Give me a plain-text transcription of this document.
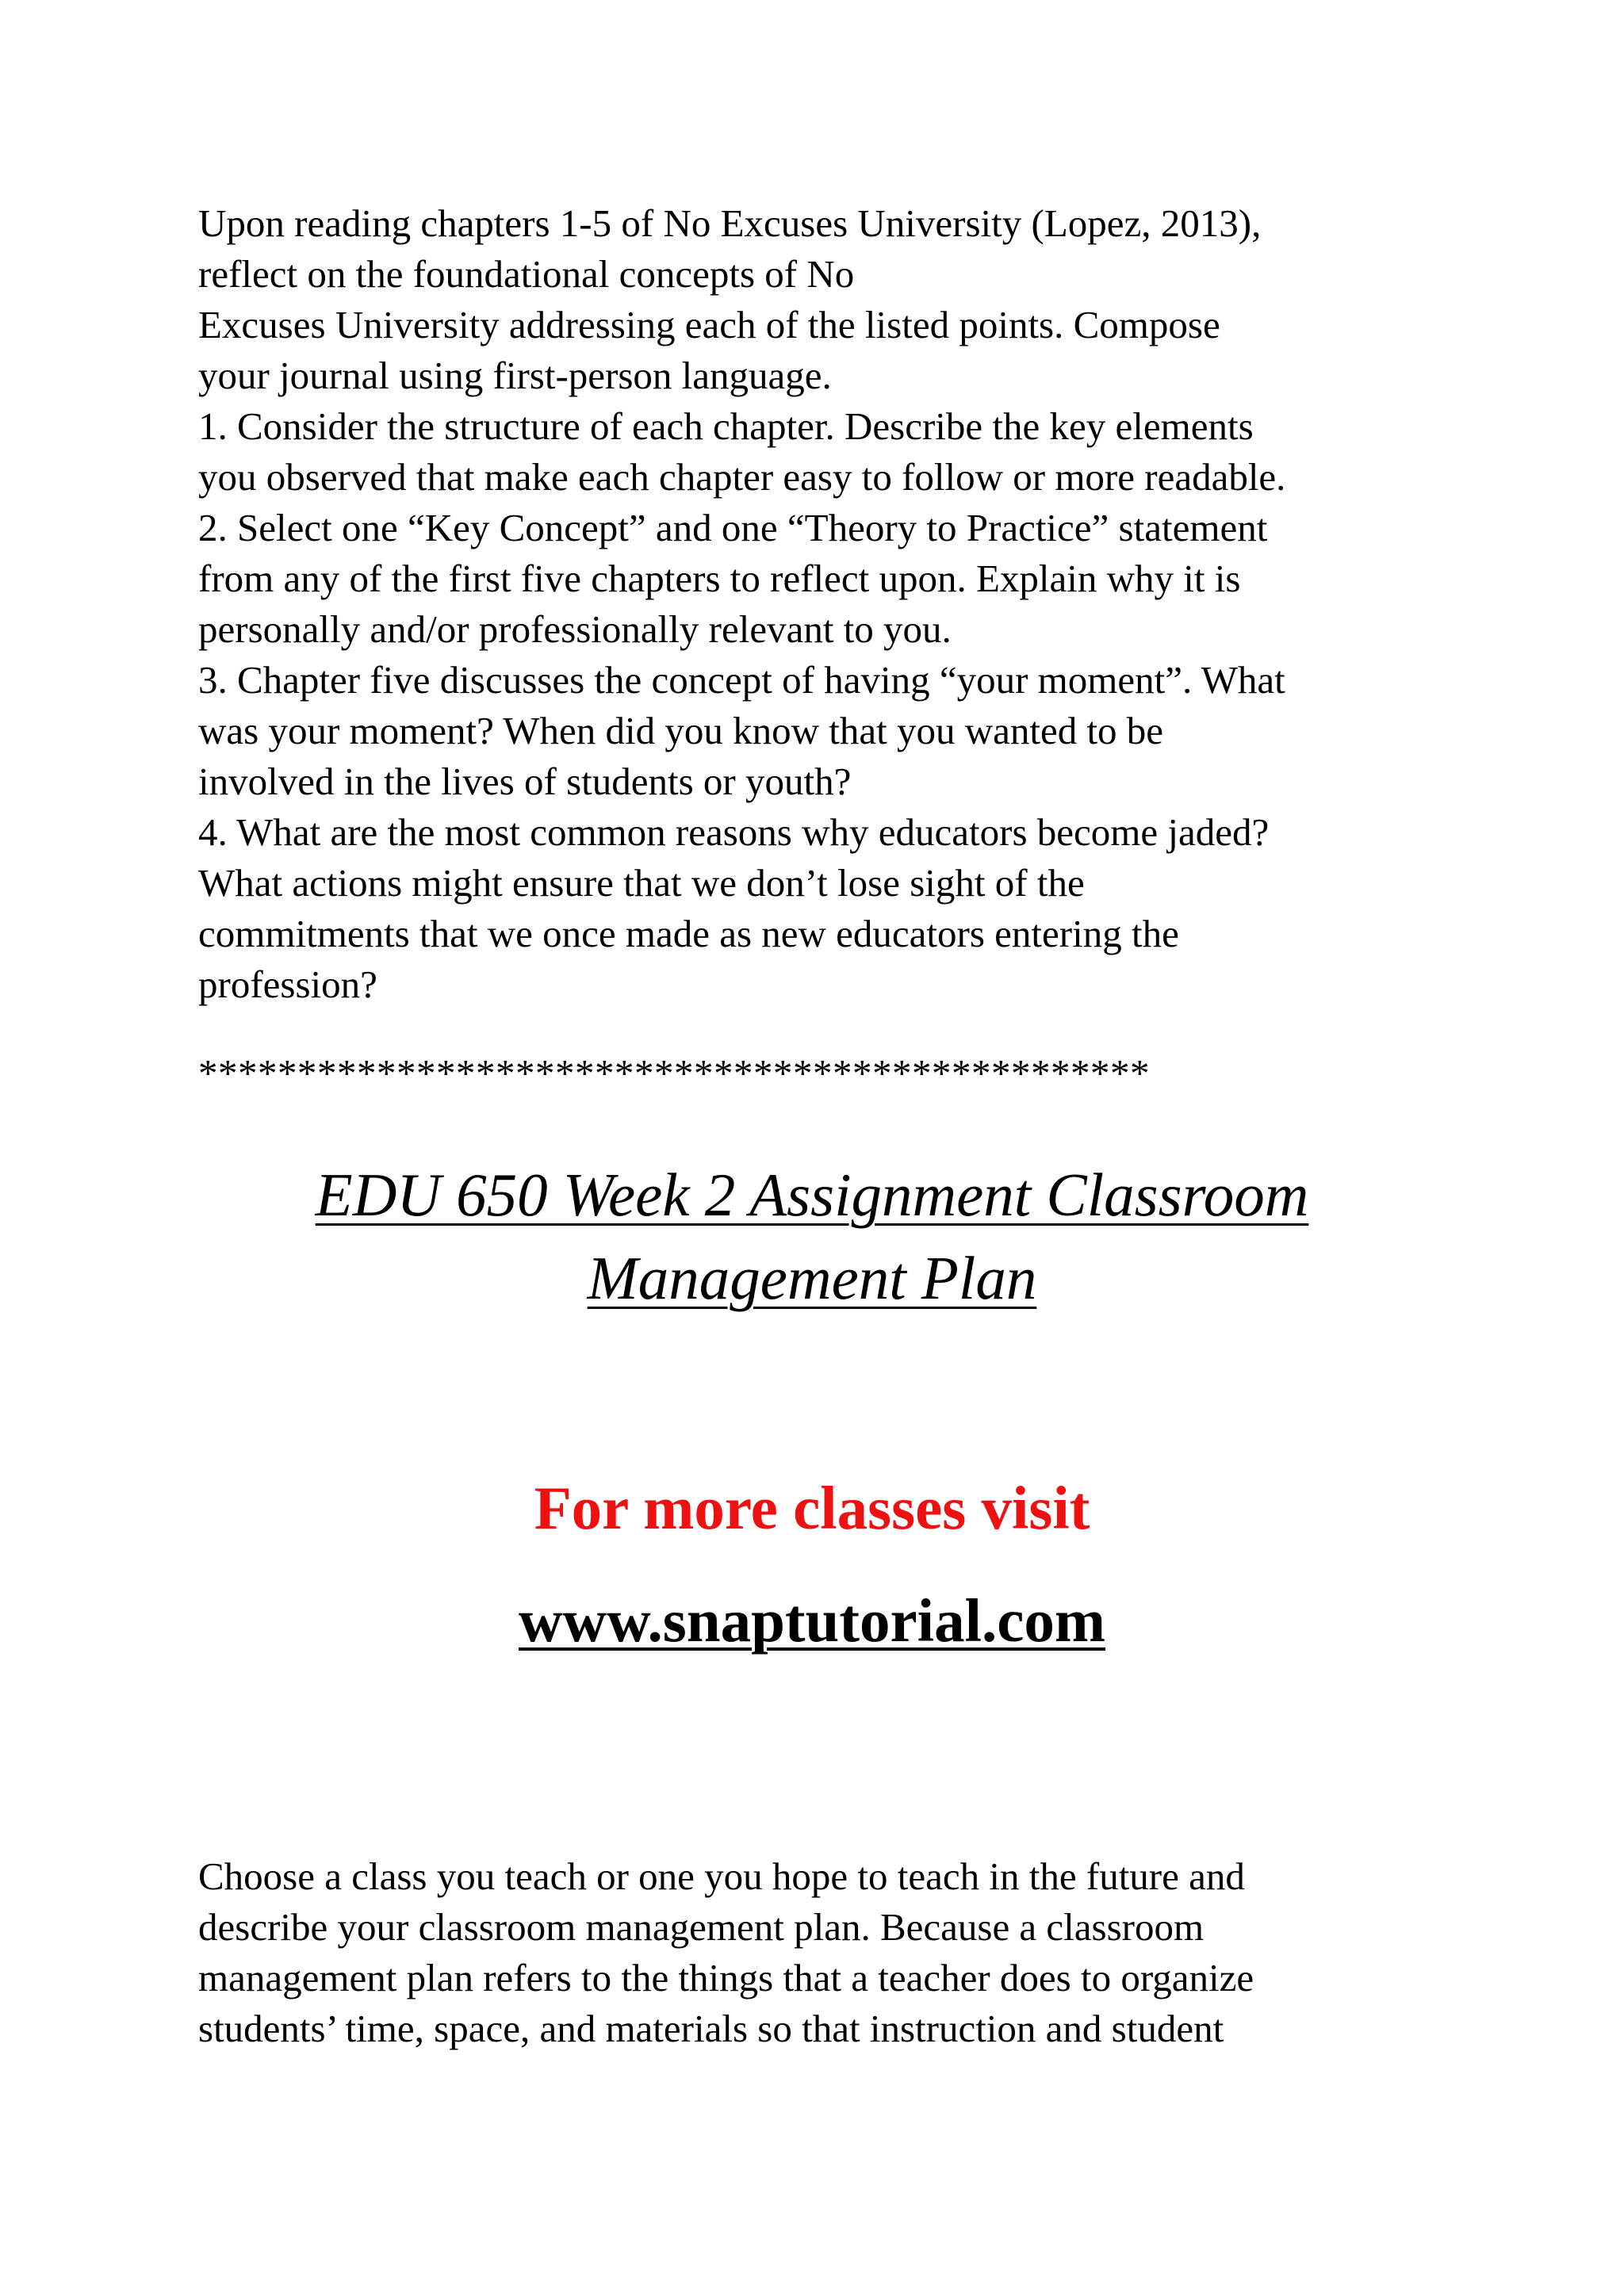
Upon reading chapters 1-5 of No Excuses University (Lopez, 2013),
reflect on the foundational concepts of No
Excuses University addressing each of the listed points. Compose
your journal using first-person language.
1. Consider the structure of each chapter. Describe the key elements
you observed that make each chapter easy to follow or more readable.
2. Select one “Key Concept” and one “Theory to Practice” statement
from any of the first five chapters to reflect upon. Explain why it is
personally and/or professionally relevant to you.
3. Chapter five discusses the concept of having “your moment”. What
was your moment? When did you know that you wanted to be
involved in the lives of students or youth?
4. What are the most common reasons why educators become jaded?
What actions might ensure that we don’t lose sight of the
commitments that we once made as new educators entering the
profession?
************************************************
EDU 650 Week 2 Assignment Classroom
Management Plan
For more classes visit
www.snaptutorial.com
Choose a class you teach or one you hope to teach in the future and
describe your classroom management plan. Because a classroom
management plan refers to the things that a teacher does to organize
students’ time, space, and materials so that instruction and student
